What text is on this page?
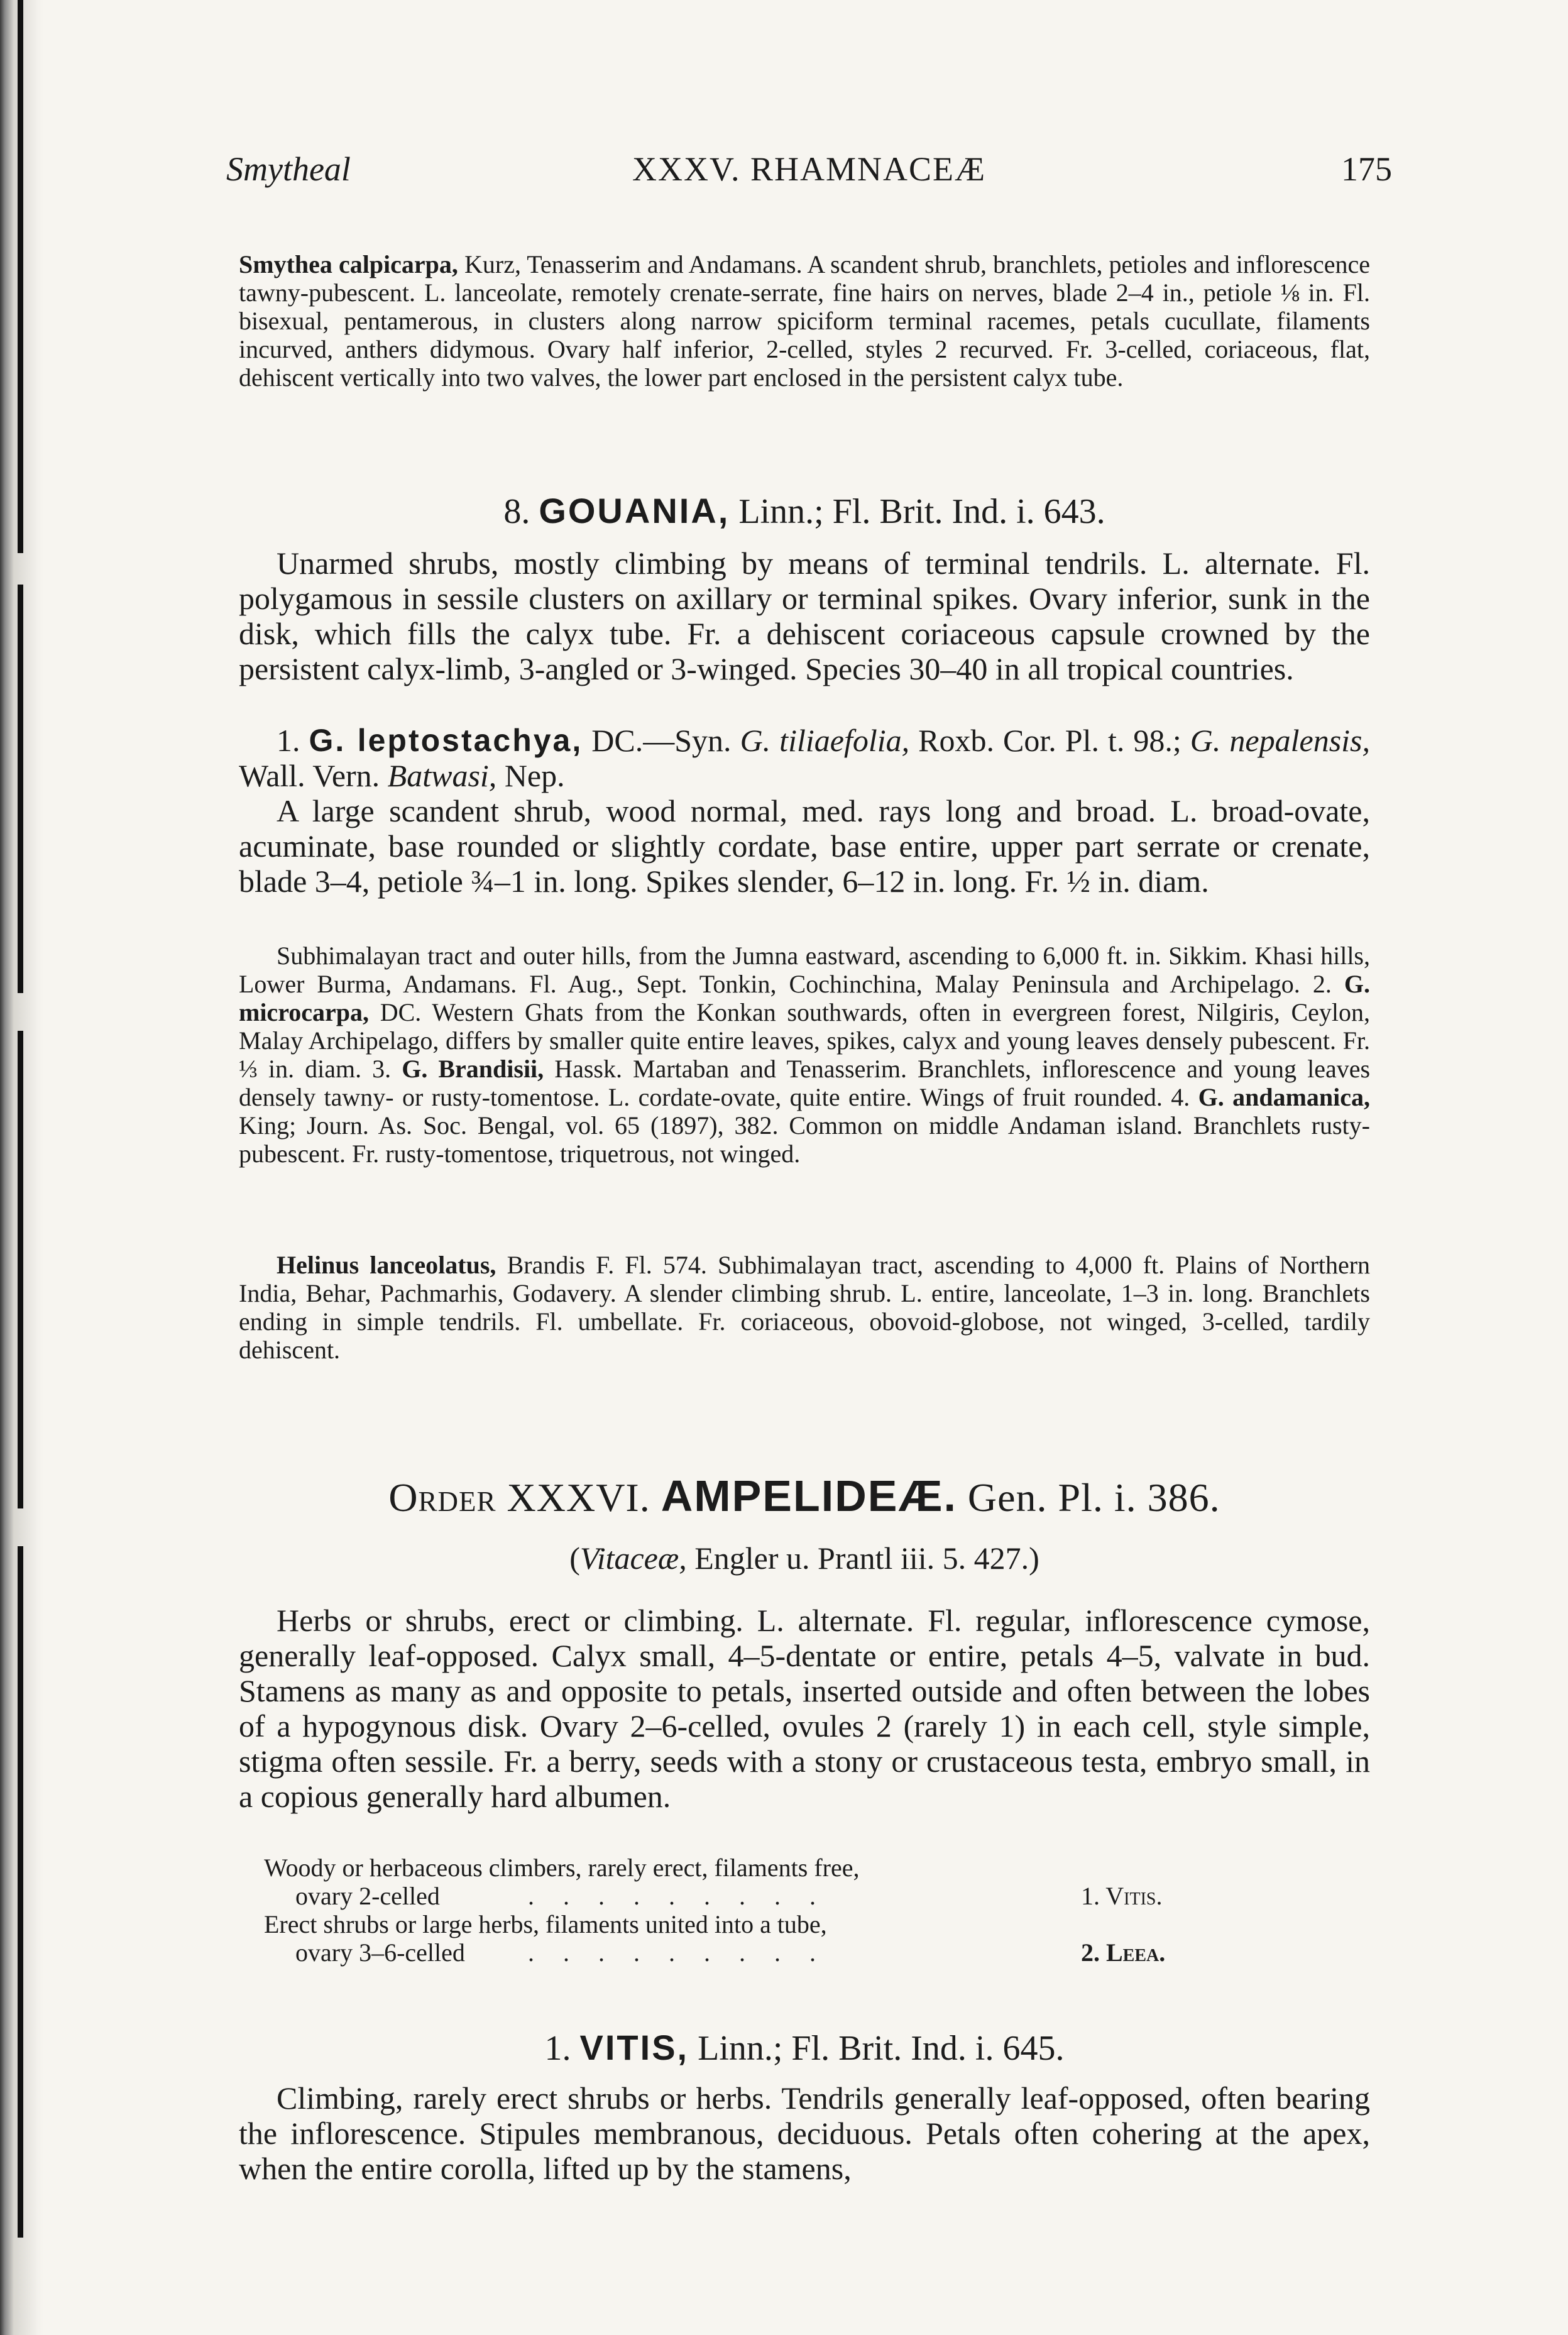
Smytheal	XXXV. RHAMNACEÆ	175

Smythea calpicarpa, Kurz, Tenasserim and Andamans. A scandent shrub, branchlets, petioles and inflorescence tawny-pubescent. L. lanceolate, remotely crenate-serrate, fine hairs on nerves, blade 2–4 in., petiole ⅛ in. Fl. bisexual, pentamerous, in clusters along narrow spiciform terminal racemes, petals cucullate, filaments incurved, anthers didymous. Ovary half inferior, 2-celled, styles 2 recurved. Fr. 3-celled, coriaceous, flat, dehiscent vertically into two valves, the lower part enclosed in the persistent calyx tube.

8. GOUANIA, Linn.; Fl. Brit. Ind. i. 643.

Unarmed shrubs, mostly climbing by means of terminal tendrils. L. alternate. Fl. polygamous in sessile clusters on axillary or terminal spikes. Ovary inferior, sunk in the disk, which fills the calyx tube. Fr. a dehiscent coriaceous capsule crowned by the persistent calyx-limb, 3-angled or 3-winged. Species 30–40 in all tropical countries.

1. G. leptostachya, DC.—Syn. G. tiliaefolia, Roxb. Cor. Pl. t. 98.; G. nepalensis, Wall. Vern. Batwasi, Nep.

A large scandent shrub, wood normal, med. rays long and broad. L. broad-ovate, acuminate, base rounded or slightly cordate, base entire, upper part serrate or crenate, blade 3–4, petiole ¾–1 in. long. Spikes slender, 6–12 in. long. Fr. ½ in. diam.

Subhimalayan tract and outer hills, from the Jumna eastward, ascending to 6,000 ft. in. Sikkim. Khasi hills, Lower Burma, Andamans. Fl. Aug., Sept. Tonkin, Cochinchina, Malay Peninsula and Archipelago. 2. G. microcarpa, DC. Western Ghats from the Konkan southwards, often in evergreen forest, Nilgiris, Ceylon, Malay Archipelago, differs by smaller quite entire leaves, spikes, calyx and young leaves densely pubescent. Fr. ⅓ in. diam. 3. G. Brandisii, Hassk. Martaban and Tenasserim. Branchlets, inflorescence and young leaves densely tawny- or rusty-tomentose. L. cordate-ovate, quite entire. Wings of fruit rounded. 4. G. andamanica, King; Journ. As. Soc. Bengal, vol. 65 (1897), 382. Common on middle Andaman island. Branchlets rusty-pubescent. Fr. rusty-tomentose, triquetrous, not winged.

Helinus lanceolatus, Brandis F. Fl. 574. Subhimalayan tract, ascending to 4,000 ft. Plains of Northern India, Behar, Pachmarhis, Godavery. A slender climbing shrub. L. entire, lanceolate, 1–3 in. long. Branchlets ending in simple tendrils. Fl. umbellate. Fr. coriaceous, obovoid-globose, not winged, 3-celled, tardily dehiscent.

Order XXXVI. AMPELIDEÆ. Gen. Pl. i. 386.
(Vitaceæ, Engler u. Prantl iii. 5. 427.)

Herbs or shrubs, erect or climbing. L. alternate. Fl. regular, inflorescence cymose, generally leaf-opposed. Calyx small, 4–5-dentate or entire, petals 4–5, valvate in bud. Stamens as many as and opposite to petals, inserted outside and often between the lobes of a hypogynous disk. Ovary 2–6-celled, ovules 2 (rarely 1) in each cell, style simple, stigma often sessile. Fr. a berry, seeds with a stony or crustaceous testa, embryo small, in a copious generally hard albumen.

Woody or herbaceous climbers, rarely erect, filaments free,
ovary 2-celled	. . . . . . . . .	1. Vitis.
Erect shrubs or large herbs, filaments united into a tube,
ovary 3–6-celled	. . . . . . . . .	2. Leea.
1. VITIS, Linn.; Fl. Brit. Ind. i. 645.

Climbing, rarely erect shrubs or herbs. Tendrils generally leaf-opposed, often bearing the inflorescence. Stipules membranous, deciduous. Petals often cohering at the apex, when the entire corolla, lifted up by the stamens,
